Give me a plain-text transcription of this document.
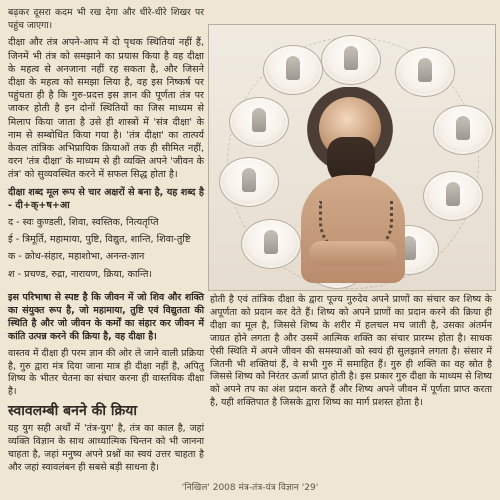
बढ़कर दूसरा कदम भी रख देगा और धीरे-धीरे शिखर पर पहुंच जाएगा।

दीक्षा और तंत्र अपने-आप में दो पृथक स्थितियां नहीं हैं, जिनमें भी तंत्र को समझाने का प्रयास किया है वह दीक्षा के महत्व से अनजाना नहीं रह सकता है, और जिसने दीक्षा के महत्व को समझा लिया है, वह इस निष्कर्ष पर पहुंचता ही है कि गुरु-प्रदत्त इस ज्ञान की पूर्णता तंत्र पर जाकर होती है इन दोनों स्थितियों का जिस माध्यम से मिलाप किया जाता है उसे ही शास्त्रों में 'संत्र दीक्षा' के नाम से सम्बोधित किया गया है। 'तंत्र दीक्षा' का तात्पर्य केवल तांत्रिक अभिप्रायिक क्रियाओं तक ही सीमित नहीं, वरन 'तंत्र दीक्षा' के माध्यम से ही व्यक्ति अपने 'जीवन के तंत्र' को सुव्यवस्थित करने में सफल सिद्ध होता है।

दीक्षा शब्द मूल रूप से चार अक्षरों से बना है, यह शब्द है - दी+क्+ष+आ

द - स्वः कुण्डली, शिवा, स्वस्तिक, नित्यतृप्ति

ई - त्रिमूर्ति, महामाया, पुष्टि, विद्युत, शान्ति, शिवा-तुष्टि

क - क्रोध-संहार, महाशोभा, अनन्त-ज्ञान

श - प्रचण्ड, रुद्रा, नारायण, क्रिया, कान्ति।

इस परिभाषा से स्पष्ट है कि जीवन में जो शिव और शक्ति का संयुक्त रूप है, जो महामाया, तुष्टि एवं विद्युतता की स्थिति है और जो जीवन के कर्मों का संहार कर जीवन में कांति उत्पन्न करने की क्रिया है, वह दीक्षा है।

वास्तव में दीक्षा ही परम ज्ञान की ओर ले जाने वाली प्रक्रिया है, गुरु द्वारा मंत्र दिया जाना मात्र ही दीक्षा नहीं है, अपितु शिष्य के भीतर चेतना का संचार करना ही वास्तविक दीक्षा है।

स्वावलम्बी बनने की क्रिया

यह युग सही अर्थों में 'तंत्र-युग' है, तंत्र का काल है, जहां व्यक्ति विज्ञान के साथ आध्यात्मिक चिन्तन को भी जानना चाहता है, जहां मनुष्य अपने प्रश्नों का स्वयं उत्तर चाहता है और जहां स्वावलंबन ही सबसे बड़ी साधना है।

होती है एवं तांत्रिक दीक्षा के द्वारा पूज्य गुरुदेव अपने प्राणों का संचार कर शिष्य के अपूर्णता को प्रदान कर देते हैं। शिष्य को अपने प्राणों का प्रदान करने की क्रिया ही दीक्षा का मूल है, जिससे शिष्य के शरीर में हलचल मच जाती है, उसका अंतर्मन जाग्रत होने लगता है और उसमें आत्मिक शक्ति का संचार प्रारम्भ होता है। साधक ऐसी स्थिति में अपने जीवन की समस्याओं को स्वयं ही सुलझाने लगता है। संसार में जितनी भी शक्तियां हैं, वे सभी गुरु में समाहित हैं। गुरु ही शक्ति का वह स्रोत है जिससे शिष्य को निरंतर ऊर्जा प्राप्त होती है। इस प्रकार गुरु दीक्षा के माध्यम से शिष्य को अपने तप का अंश प्रदान करते हैं और शिष्य अपने जीवन में पूर्णता प्राप्त करता है, यही शक्तिपात है जिसके द्वारा शिष्य का मार्ग प्रशस्त होता है।

'निखिल' 2008 मंत्र-तंत्र-यंत्र विज्ञान '29'
